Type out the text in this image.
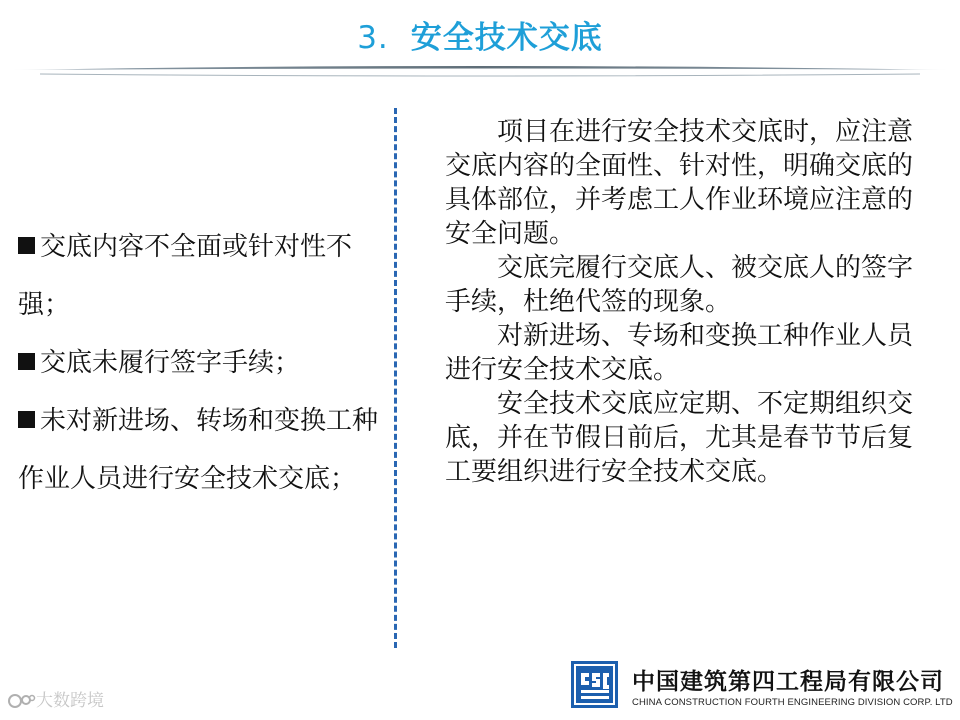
3. 安全技术交底

交底内容不全面或针对性不强；

交底未履行签字手续；

未对新进场、转场和变换工种作业人员进行安全技术交底；

项目在进行安全技术交底时，应注意交底内容的全面性、针对性，明确交底的具体部位，并考虑工人作业环境应注意的安全问题。

交底完履行交底人、被交底人的签字手续，杜绝代签的现象。

对新进场、专场和变换工种作业人员进行安全技术交底。

安全技术交底应定期、不定期组织交底，并在节假日前后，尤其是春节节后复工要组织进行安全技术交底。

中国建筑第四工程局有限公司
CHINA CONSTRUCTION FOURTH ENGINEERING DIVISION CORP. LTD
大数跨境
